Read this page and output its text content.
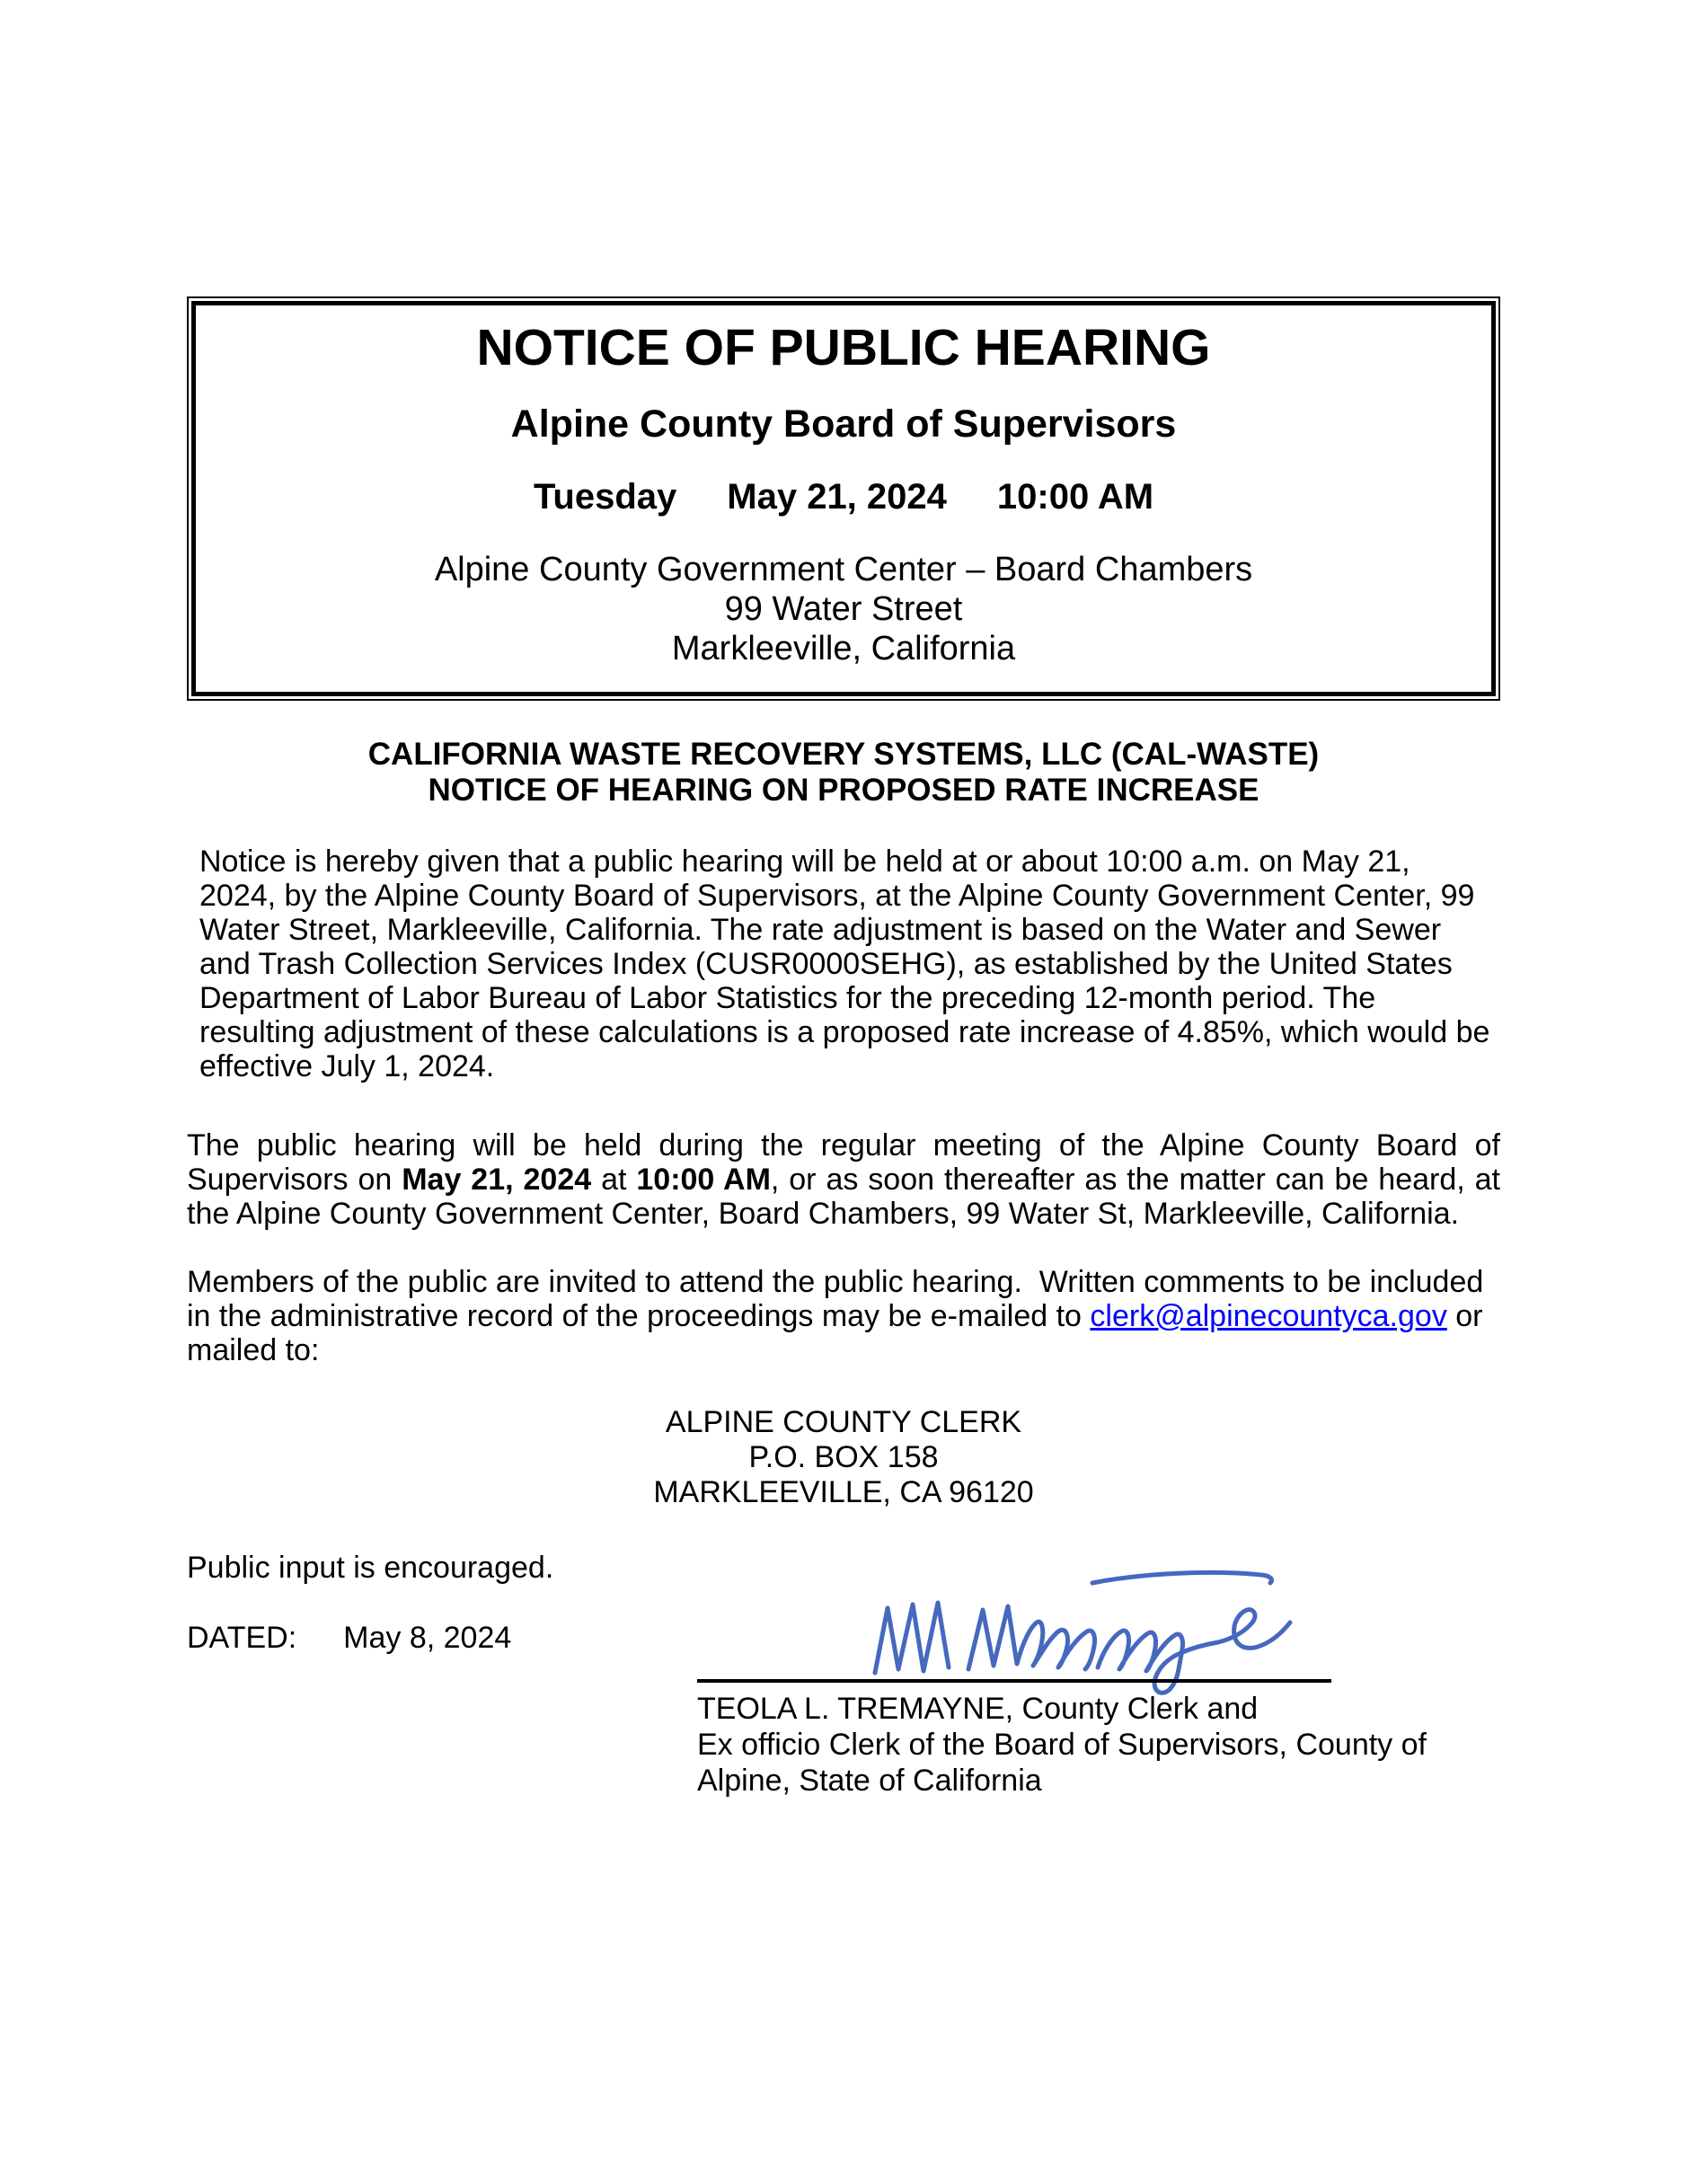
NOTICE OF PUBLIC HEARING
Alpine County Board of Supervisors
Tuesday May 21, 2024 10:00 AM
Alpine County Government Center – Board Chambers
99 Water Street
Markleeville, California
CALIFORNIA WASTE RECOVERY SYSTEMS, LLC (CAL-WASTE)
NOTICE OF HEARING ON PROPOSED RATE INCREASE

Notice is hereby given that a public hearing will be held at or about 10:00 a.m. on May 21, 2024, by the Alpine County Board of Supervisors, at the Alpine County Government Center, 99 Water Street, Markleeville, California. The rate adjustment is based on the Water and Sewer and Trash Collection Services Index (CUSR0000SEHG), as established by the United States Department of Labor Bureau of Labor Statistics for the preceding 12-month period. The resulting adjustment of these calculations is a proposed rate increase of 4.85%, which would be effective July 1, 2024.

The public hearing will be held during the regular meeting of the Alpine County Board of Supervisors on May 21, 2024 at 10:00 AM, or as soon thereafter as the matter can be heard, at the Alpine County Government Center, Board Chambers, 99 Water St, Markleeville, California.

Members of the public are invited to attend the public hearing.  Written comments to be included in the administrative record of the proceedings may be e-mailed to clerk@alpinecountyca.gov or mailed to:

ALPINE COUNTY CLERK
P.O. BOX 158
MARKLEEVILLE, CA 96120
Public input is encouraged.
DATED: May 8, 2024
TEOLA L. TREMAYNE, County Clerk and
Ex officio Clerk of the Board of Supervisors, County of
Alpine, State of California
